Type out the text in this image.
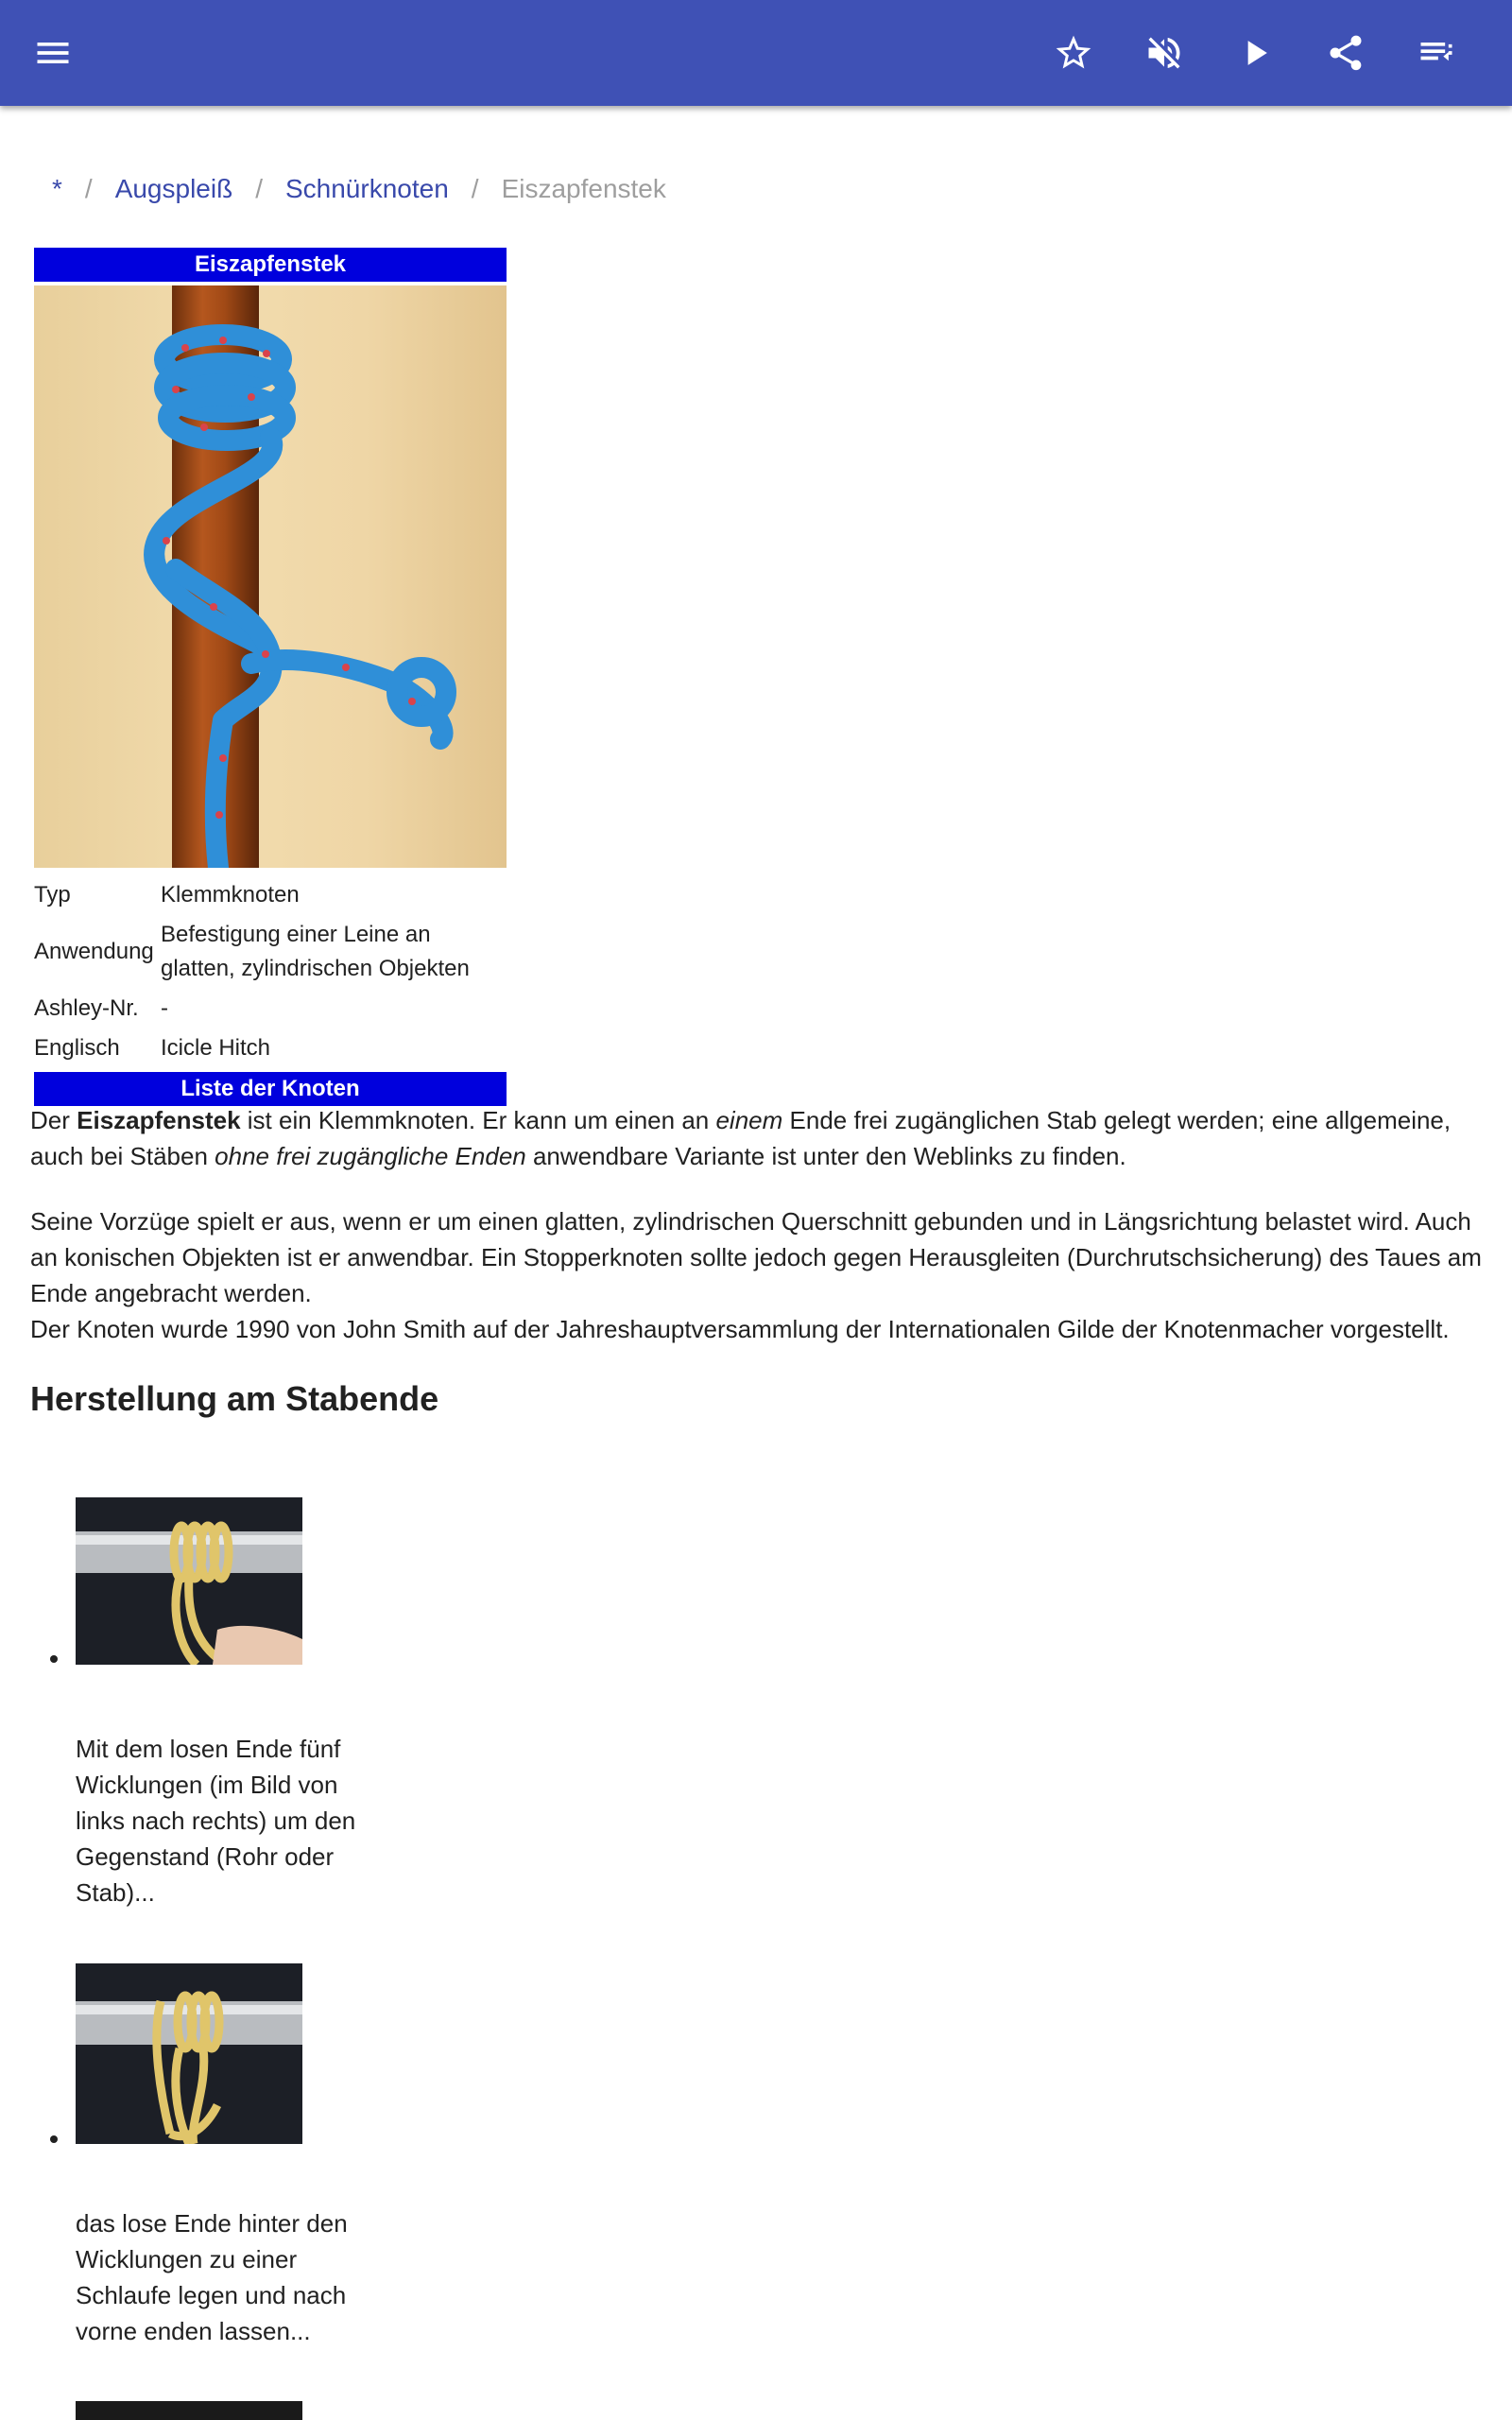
* / Augspleiß / Schnürknoten / Eiszapfenstek
Eiszapfenstek
Typ	Klemmknoten
Anwendung	Befestigung einer Leine an glatten, zylindrischen Objekten
Ashley-Nr.	-
Englisch	Icicle Hitch
Liste der Knoten

Der Eiszapfenstek ist ein Klemmknoten. Er kann um einen an einem Ende frei zugänglichen Stab gelegt werden; eine allgemeine, auch bei Stäben ohne frei zugängliche Enden anwendbare Variante ist unter den Weblinks zu finden.

Seine Vorzüge spielt er aus, wenn er um einen glatten, zylindrischen Querschnitt gebunden und in Längsrichtung belastet wird. Auch an konischen Objekten ist er anwendbar. Ein Stopperknoten sollte jedoch gegen Herausgleiten (Durchrutschsicherung) des Taues am Ende angebracht werden.

Der Knoten wurde 1990 von John Smith auf der Jahreshauptversammlung der Internationalen Gilde der Knotenmacher vorgestellt.

Herstellung am Stabende
Mit dem losen Ende fünf Wicklungen (im Bild von links nach rechts) um den Gegenstand (Rohr oder Stab)...
das lose Ende hinter den Wicklungen zu einer Schlaufe legen und nach vorne enden lassen...
